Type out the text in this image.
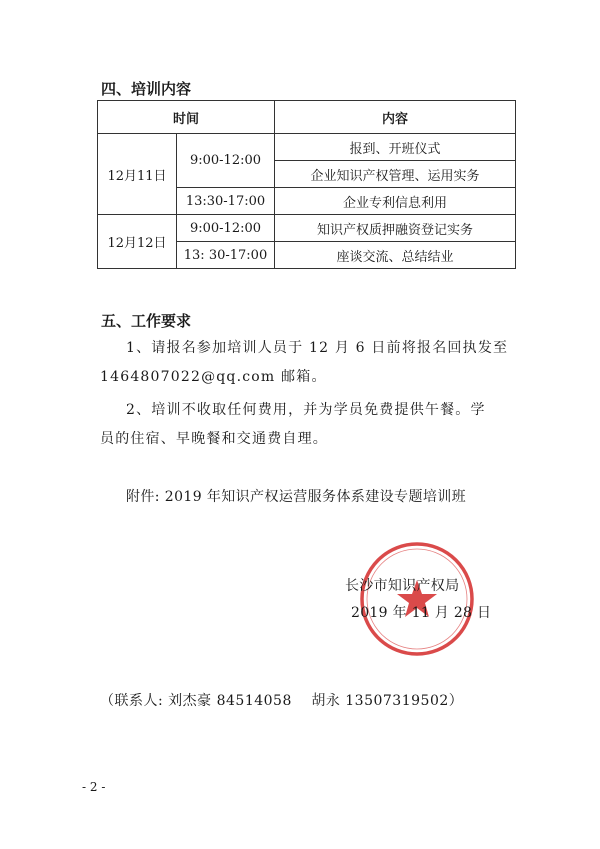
四、培训内容
时间		内容
12月11日	9:00-12:00	报到、开班仪式
		企业知识产权管理、运用实务
	13:30-17:00	企业专利信息利用
12月12日	9:00-12:00	知识产权质押融资登记实务
	13: 30-17:00	座谈交流、总结结业
五、工作要求
1、请报名参加培训人员于 12 月 6 日前将报名回执发至
1464807022@qq.com 邮箱。
2、培训不收取任何费用，并为学员免费提供午餐。学
员的住宿、早晚餐和交通费自理。
附件: 2019 年知识产权运营服务体系建设专题培训班
长沙市知识产权局
2019 年 11 月 28 日
（联系人: 刘杰豪 84514058　 胡永 13507319502）
- 2 -
